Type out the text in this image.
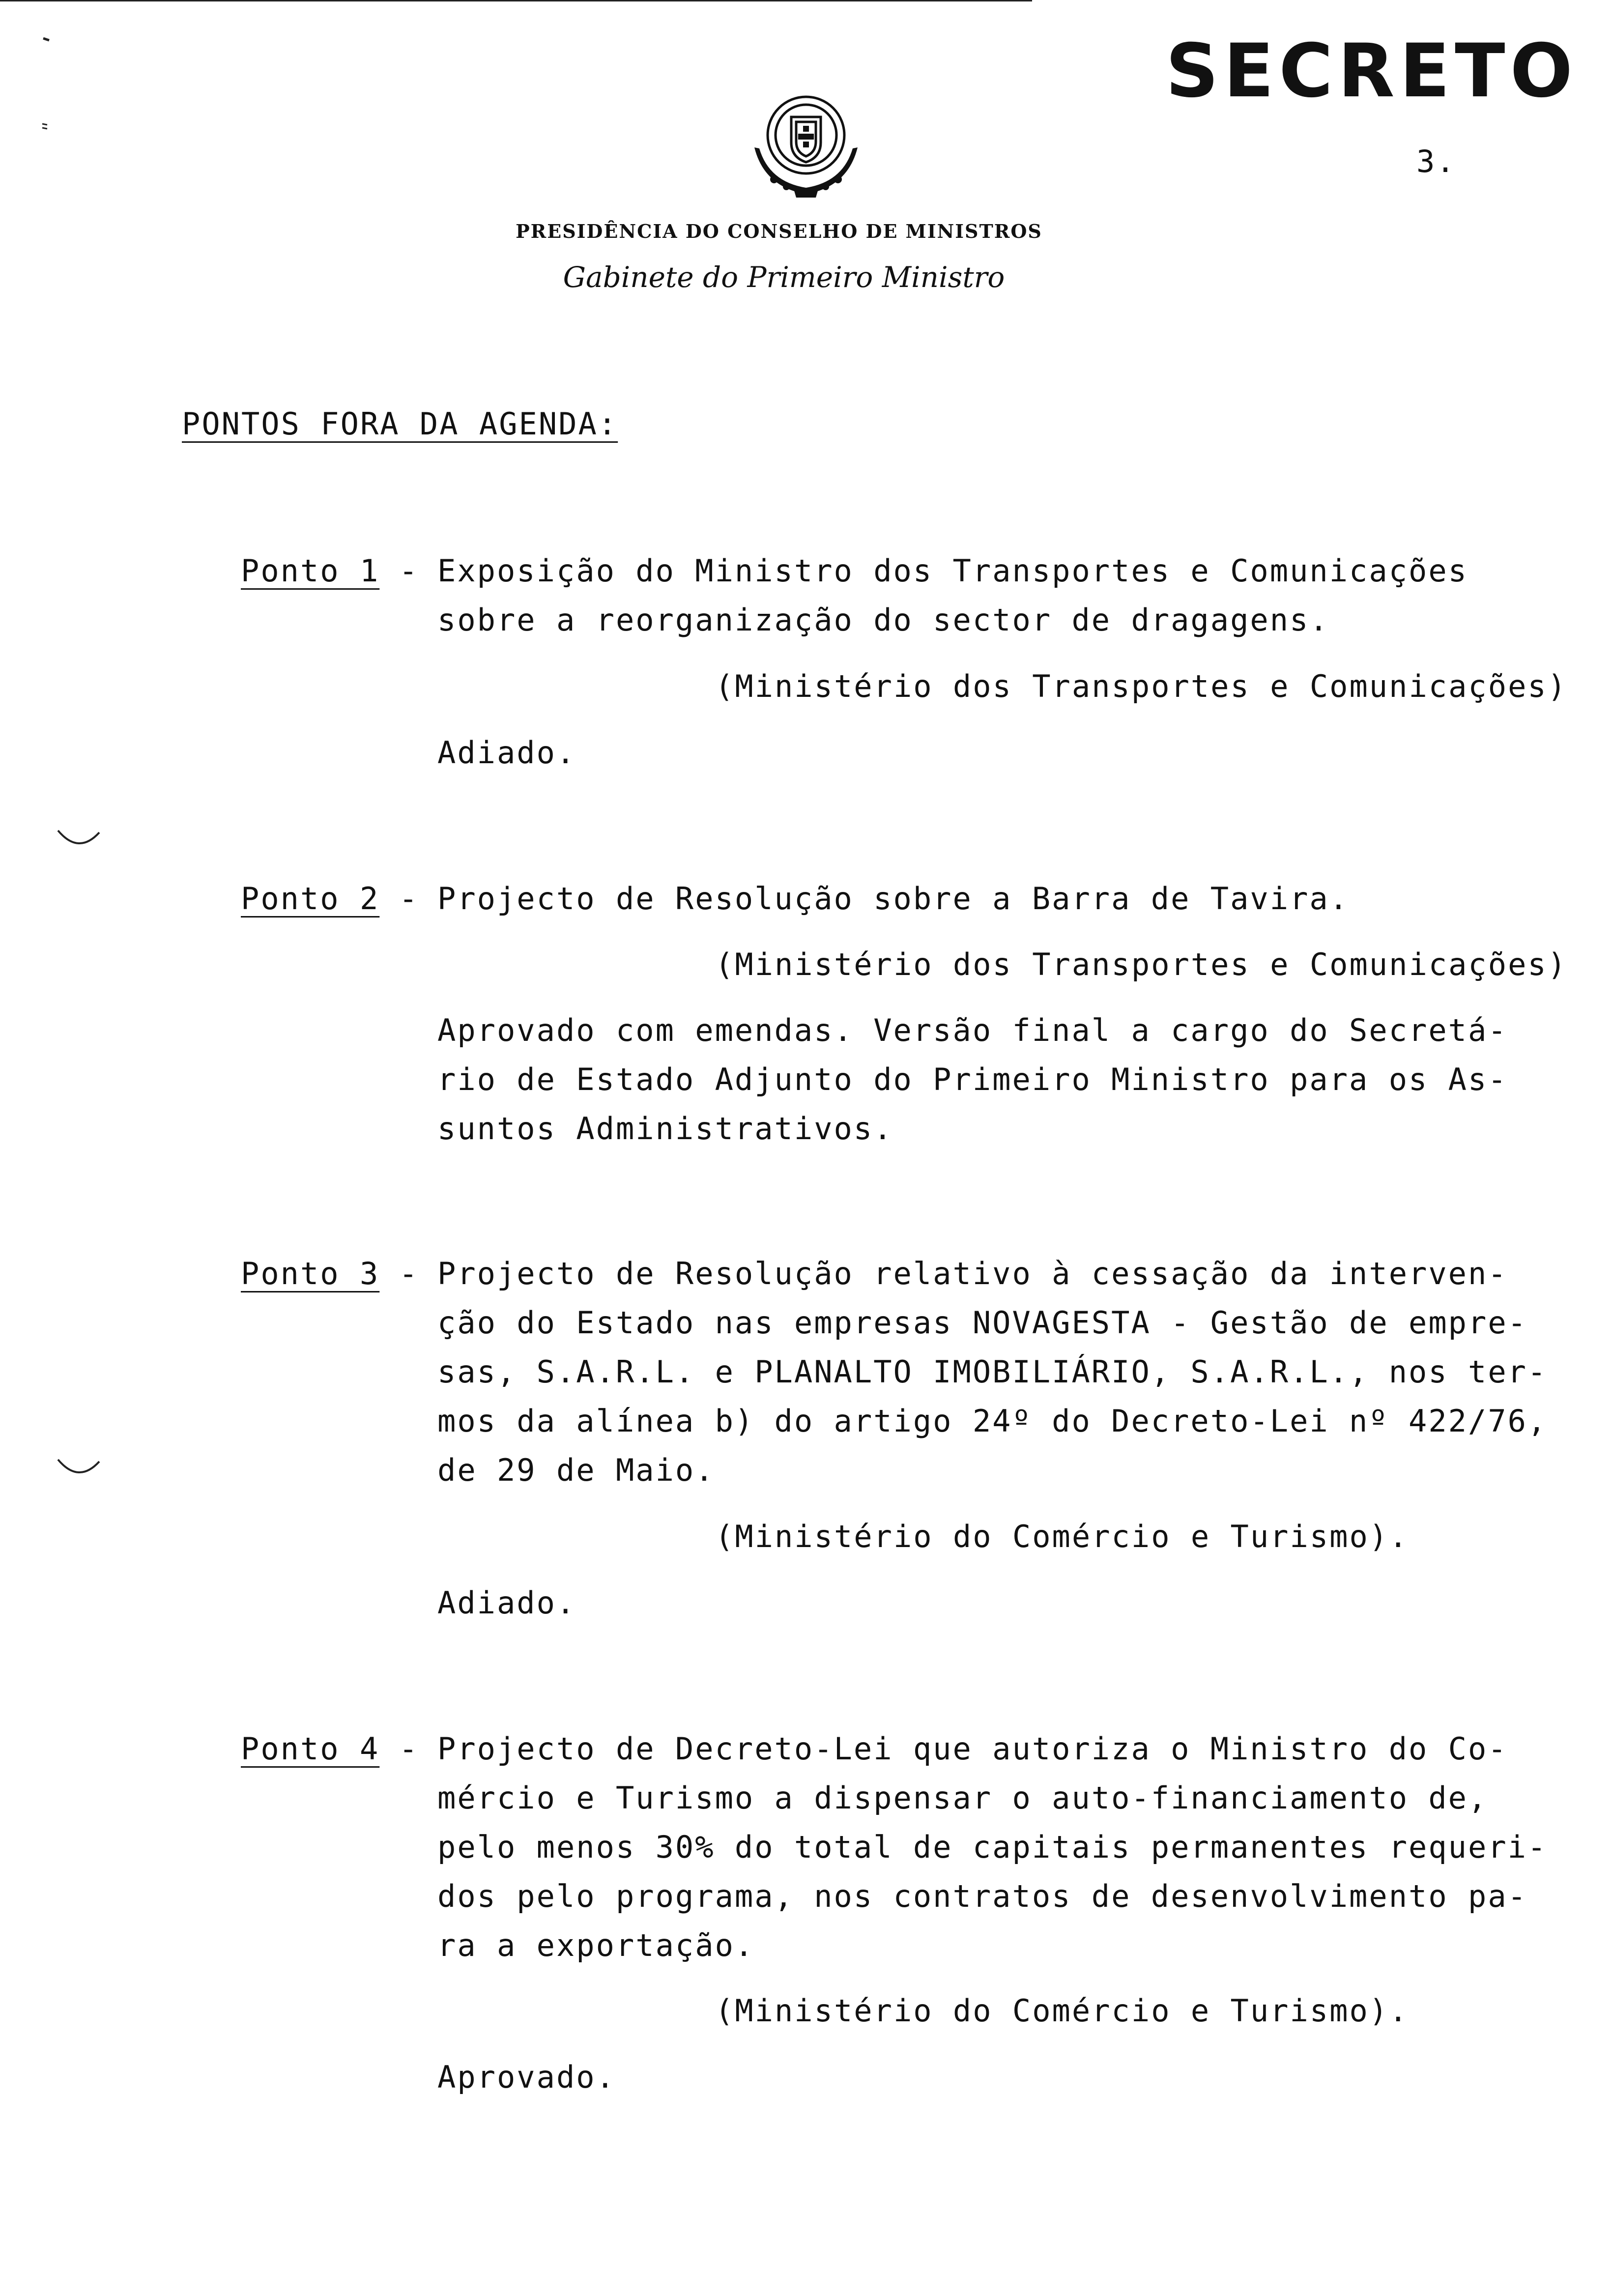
SECRETO
3.
PRESIDÊNCIA DO CONSELHO DE MINISTROS
Gabinete do Primeiro Ministro
PONTOS FORA DA AGENDA:
Ponto 1 - Exposição do Ministro dos Transportes e Comunicações
sobre a reorganização do sector de dragagens.
(Ministério dos Transportes e Comunicações)
Adiado.
Ponto 2 - Projecto de Resolução sobre a Barra de Tavira.
(Ministério dos Transportes e Comunicações)
Aprovado com emendas. Versão final a cargo do Secretá-
rio de Estado Adjunto do Primeiro Ministro para os As-
suntos Administrativos.
Ponto 3 - Projecto de Resolução relativo à cessação da interven-
ção do Estado nas empresas NOVAGESTA - Gestão de empre-
sas, S.A.R.L. e PLANALTO IMOBILIÁRIO, S.A.R.L., nos ter-
mos da alínea b) do artigo 24º do Decreto-Lei nº 422/76,
de 29 de Maio.
(Ministério do Comércio e Turismo).
Adiado.
Ponto 4 - Projecto de Decreto-Lei que autoriza o Ministro do Co-
mércio e Turismo a dispensar o auto-financiamento de,
pelo menos 30% do total de capitais permanentes requeri-
dos pelo programa, nos contratos de desenvolvimento pa-
ra a exportação.
(Ministério do Comércio e Turismo).
Aprovado.
